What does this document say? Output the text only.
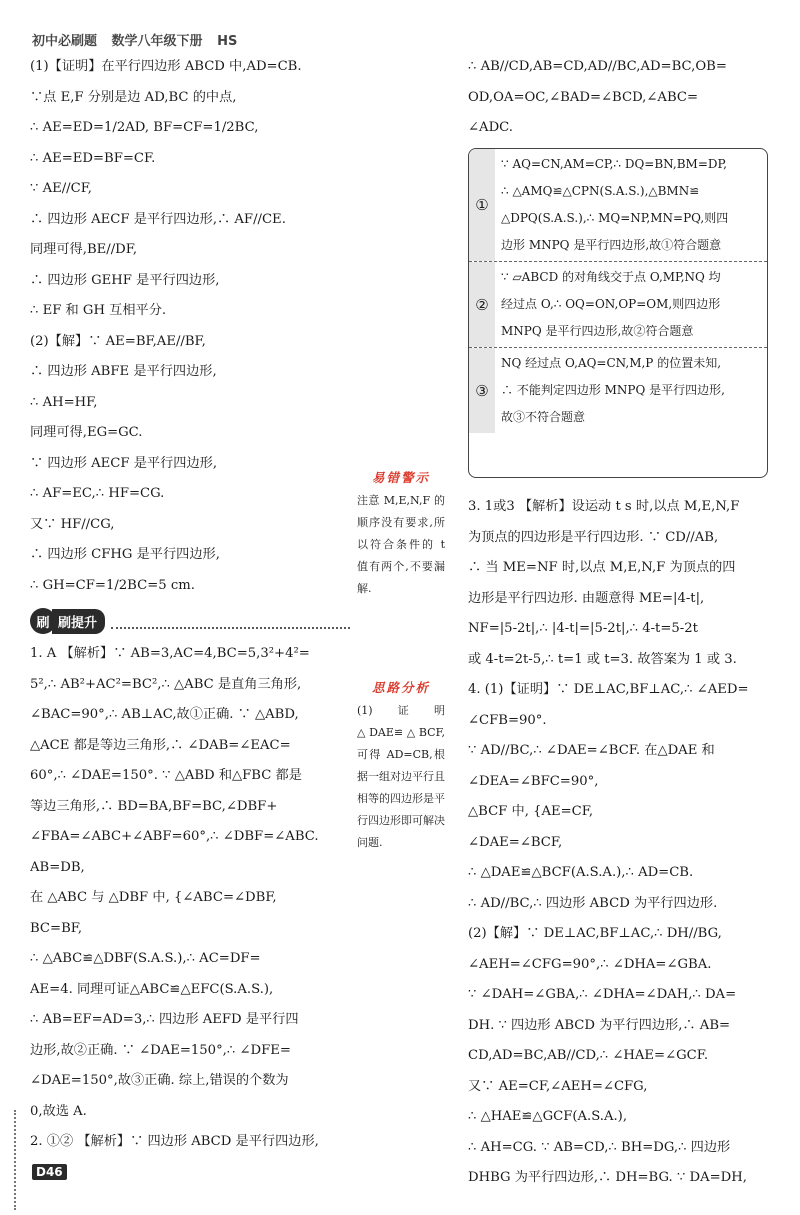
初中必刷题 数学八年级下册 HS
(1)【证明】在平行四边形 ABCD 中,AD=CB.
∵点 E,F 分别是边 AD,BC 的中点,
∴ AE=ED=1/2AD, BF=CF=1/2BC,
∴ AE=ED=BF=CF.
∵ AE//CF,
∴ 四边形 AECF 是平行四边形,∴ AF//CE.
同理可得,BE//DF,
∴ 四边形 GEHF 是平行四边形,
∴ EF 和 GH 互相平分.
(2)【解】∵ AE=BF,AE//BF,
∴ 四边形 ABFE 是平行四边形,
∴ AH=HF,
同理可得,EG=GC.
∵ 四边形 AECF 是平行四边形,
∴ AF=EC,∴ HF=CG.
又∵ HF//CG,
∴ 四边形 CFHG 是平行四边形,
∴ GH=CF=1/2BC=5 cm.
刷 刷提升
1. A 【解析】∵ AB=3,AC=4,BC=5,3²+4²=
5²,∴ AB²+AC²=BC²,∴ △ABC 是直角三角形,
∠BAC=90°,∴ AB⊥AC,故①正确. ∵ △ABD,
△ACE 都是等边三角形,∴ ∠DAB=∠EAC=
60°,∴ ∠DAE=150°. ∵ △ABD 和△FBC 都是
等边三角形,∴ BD=BA,BF=BC,∠DBF+
∠FBA=∠ABC+∠ABF=60°,∴ ∠DBF=∠ABC.
AB=DB,
在 △ABC 与 △DBF 中, {∠ABC=∠DBF,
BC=BF,
∴ △ABC≌△DBF(S.A.S.),∴ AC=DF=
AE=4. 同理可证△ABC≌△EFC(S.A.S.),
∴ AB=EF=AD=3,∴ 四边形 AEFD 是平行四
边形,故②正确. ∵ ∠DAE=150°,∴ ∠DFE=
∠DAE=150°,故③正确. 综上,错误的个数为
0,故选 A.
2. ①② 【解析】∵ 四边形 ABCD 是平行四边形,
易错警示
注意 M,E,N,F 的顺序没有要求,所以符合条件的 t 值有两个,不要漏解.
思路分析
(1)证明△DAE≌△BCF,可得 AD=CB,根据一组对边平行且相等的四边形是平行四边形即可解决问题.
∴ AB//CD,AB=CD,AD//BC,AD=BC,OB=
OD,OA=OC,∠BAD=∠BCD,∠ABC=
∠ADC.
①
∵ AQ=CN,AM=CP,∴ DQ=BN,BM=DP,
∴ △AMQ≌△CPN(S.A.S.),△BMN≌
△DPQ(S.A.S.),∴ MQ=NP,MN=PQ,则四
边形 MNPQ 是平行四边形,故①符合题意
②
∵ ▱ABCD 的对角线交于点 O,MP,NQ 均
经过点 O,∴ OQ=ON,OP=OM,则四边形
MNPQ 是平行四边形,故②符合题意
③
NQ 经过点 O,AQ=CN,M,P 的位置未知,
∴ 不能判定四边形 MNPQ 是平行四边形,
故③不符合题意
3. 1或3 【解析】设运动 t s 时,以点 M,E,N,F
为顶点的四边形是平行四边形. ∵ CD//AB,
∴ 当 ME=NF 时,以点 M,E,N,F 为顶点的四
边形是平行四边形. 由题意得 ME=|4-t|,
NF=|5-2t|,∴ |4-t|=|5-2t|,∴ 4-t=5-2t
或 4-t=2t-5,∴ t=1 或 t=3. 故答案为 1 或 3.
4. (1)【证明】∵ DE⊥AC,BF⊥AC,∴ ∠AED=
∠CFB=90°.
∵ AD//BC,∴ ∠DAE=∠BCF. 在△DAE 和
∠DEA=∠BFC=90°,
△BCF 中, {AE=CF,
∠DAE=∠BCF,
∴ △DAE≌△BCF(A.S.A.),∴ AD=CB.
∴ AD//BC,∴ 四边形 ABCD 为平行四边形.
(2)【解】∵ DE⊥AC,BF⊥AC,∴ DH//BG,
∠AEH=∠CFG=90°,∴ ∠DHA=∠GBA.
∵ ∠DAH=∠GBA,∴ ∠DHA=∠DAH,∴ DA=
DH. ∵ 四边形 ABCD 为平行四边形,∴ AB=
CD,AD=BC,AB//CD,∴ ∠HAE=∠GCF.
又∵ AE=CF,∠AEH=∠CFG,
∴ △HAE≌△GCF(A.S.A.),
∴ AH=CG. ∵ AB=CD,∴ BH=DG,∴ 四边形
DHBG 为平行四边形,∴ DH=BG. ∵ DA=DH,
D46
